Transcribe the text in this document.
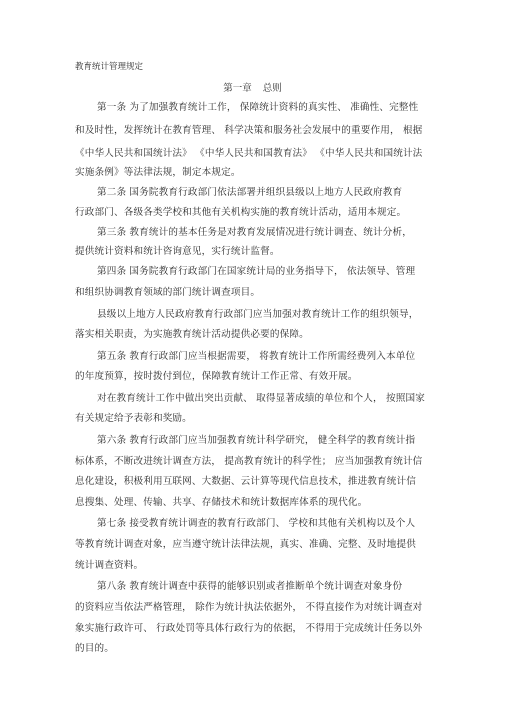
教育统计管理规定
第一章 总则
第一条 为了加强教育统计工作， 保障统计资料的真实性、 准确性、完整性
和及时性，发挥统计在教育管理、 科学决策和服务社会发展中的重要作用， 根据
《中华人民共和国统计法》 《中华人民共和国教育法》 《中华人民共和国统计法
实施条例》等法律法规，制定本规定。
第二条 国务院教育行政部门依法部署并组织县级以上地方人民政府教育
行政部门、各级各类学校和其他有关机构实施的教育统计活动，适用本规定。
第三条 教育统计的基本任务是对教育发展情况进行统计调查、统计分析，
提供统计资料和统计咨询意见，实行统计监督。
第四条 国务院教育行政部门在国家统计局的业务指导下， 依法领导、管理
和组织协调教育领域的部门统计调查项目。
县级以上地方人民政府教育行政部门应当加强对教育统计工作的组织领导，
落实相关职责，为实施教育统计活动提供必要的保障。
第五条 教育行政部门应当根据需要， 将教育统计工作所需经费列入本单位
的年度预算，按时拨付到位，保障教育统计工作正常、有效开展。
对在教育统计工作中做出突出贡献、 取得显著成绩的单位和个人， 按照国家
有关规定给予表彰和奖励。
第六条 教育行政部门应当加强教育统计科学研究， 健全科学的教育统计指
标体系，不断改进统计调查方法， 提高教育统计的科学性； 应当加强教育统计信
息化建设，积极利用互联网、大数据、云计算等现代信息技术，推进教育统计信
息搜集、处理、传输、共享、存储技术和统计数据库体系的现代化。
第七条 接受教育统计调查的教育行政部门、 学校和其他有关机构以及个人
等教育统计调查对象，应当遵守统计法律法规，真实、准确、完整、及时地提供
统计调查资料。
第八条 教育统计调查中获得的能够识别或者推断单个统计调查对象身份
的资料应当依法严格管理， 除作为统计执法依据外， 不得直接作为对统计调查对
象实施行政许可、 行政处罚等具体行政行为的依据， 不得用于完成统计任务以外
的目的。
